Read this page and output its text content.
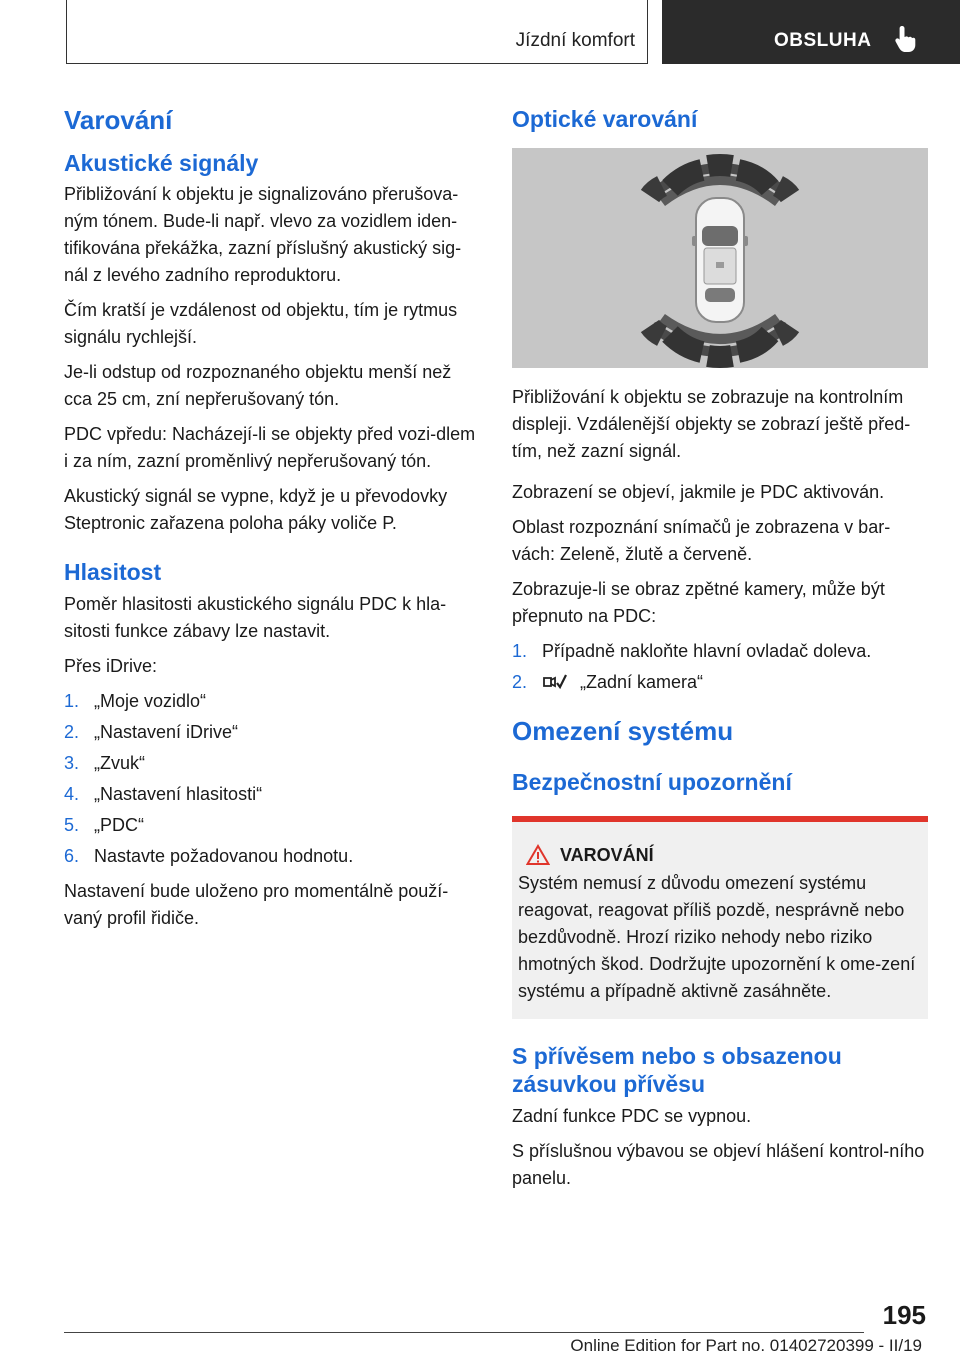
Jízdní komfort	OBSLUHA
Varování
Akustické signály

Přibližování k objektu je signalizováno přerušova-ným tónem. Bude-li např. vlevo za vozidlem iden-tifikována překážka, zazní příslušný akustický sig-nál z levého zadního reproduktoru.

Čím kratší je vzdálenost od objektu, tím je rytmus signálu rychlejší.

Je-li odstup od rozpoznaného objektu menší než cca 25 cm, zní nepřerušovaný tón.

PDC vpředu: Nacházejí-li se objekty před vozi-dlem i za ním, zazní proměnlivý nepřerušovaný tón.

Akustický signál se vypne, když je u převodovky Steptronic zařazena poloha páky voliče P.

Hlasitost

Poměr hlasitosti akustického signálu PDC k hla-sitosti funkce zábavy lze nastavit.

Přes iDrive:

1. „Moje vozidlo“
2. „Nastavení iDrive“
3. „Zvuk“
4. „Nastavení hlasitosti“
5. „PDC“
6. Nastavte požadovanou hodnotu.

Nastavení bude uloženo pro momentálně použí-vaný profil řidiče.

Optické varování

Přibližování k objektu se zobrazuje na kontrolním displeji. Vzdálenější objekty se zobrazí ještě před-tím, než zazní signál.

Zobrazení se objeví, jakmile je PDC aktivován.

Oblast rozpoznání snímačů je zobrazena v bar-vách: Zeleně, žlutě a červeně.

Zobrazuje-li se obraz zpětné kamery, může být přepnuto na PDC:

1. Případně nakloňte hlavní ovladač doleva.
2.	„Zadní kamera“
Omezení systému
Bezpečnostní upozornění
VAROVÁNÍ

Systém nemusí z důvodu omezení systému reagovat, reagovat příliš pozdě, nesprávně nebo bezdůvodně. Hrozí riziko nehody nebo riziko hmotných škod. Dodržujte upozornění k ome-zení systému a případně aktivně zasáhněte.

S přívěsem nebo s obsazenou zásuvkou přívěsu

Zadní funkce PDC se vypnou.

S příslušnou výbavou se objeví hlášení kontrol-ního panelu.

195
Online Edition for Part no. 01402720399 - II/19
